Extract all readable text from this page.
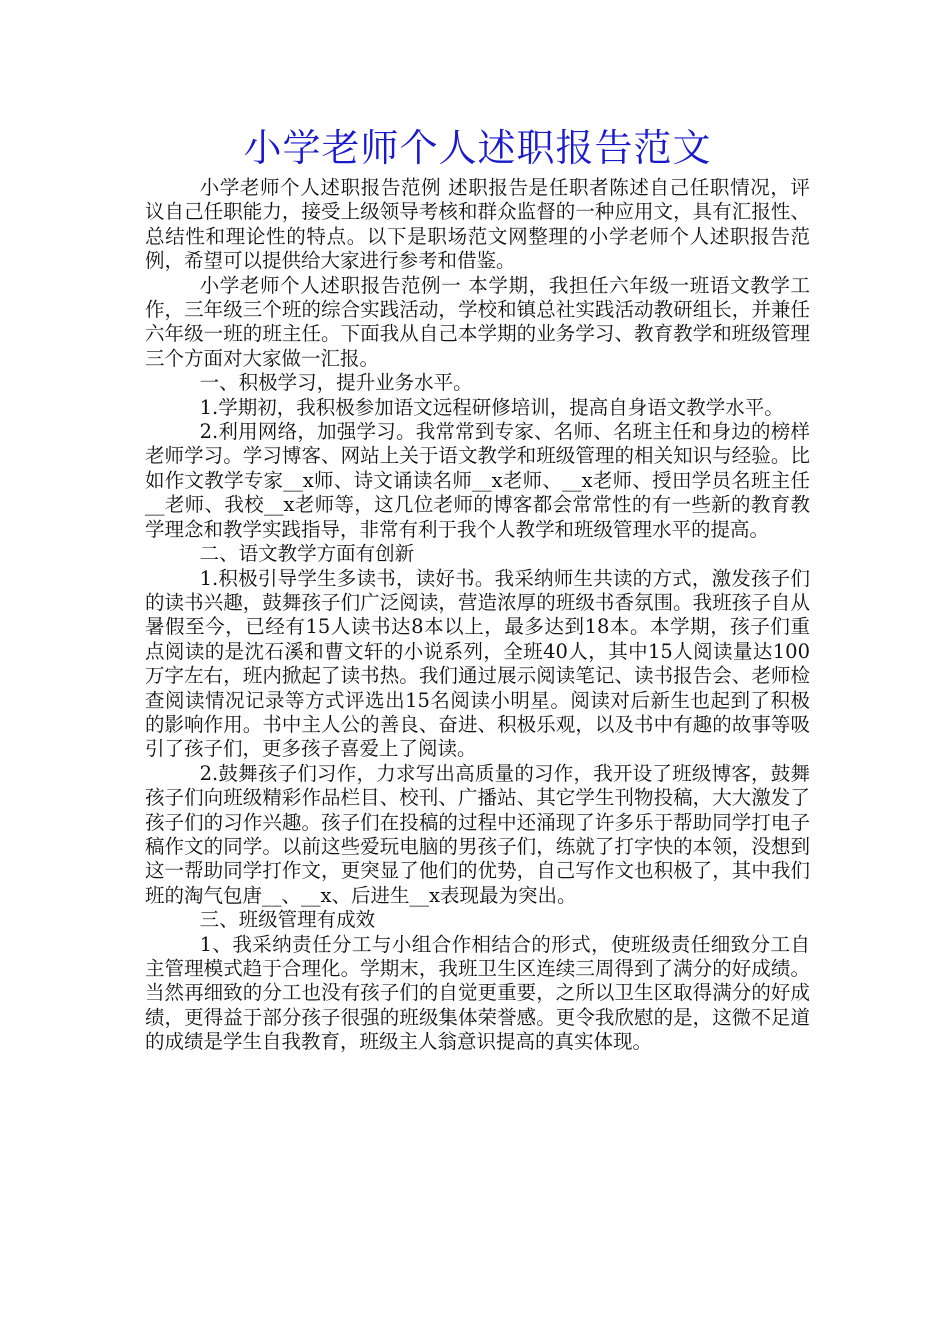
小学老师个人述职报告范文

小学老师个人述职报告范例 述职报告是任职者陈述自己任职情况，评议自己任职能力，接受上级领导考核和群众监督的一种应用文，具有汇报性、总结性和理论性的特点。以下是职场范文网整理的小学老师个人述职报告范例，希望可以提供给大家进行参考和借鉴。

小学老师个人述职报告范例一 本学期，我担任六年级一班语文教学工作，三年级三个班的综合实践活动，学校和镇总社实践活动教研组长，并兼任六年级一班的班主任。下面我从自己本学期的业务学习、教育教学和班级管理三个方面对大家做一汇报。

一、积极学习，提升业务水平。

1.学期初，我积极参加语文远程研修培训，提高自身语文教学水平。

2.利用网络，加强学习。我常常到专家、名师、名班主任和身边的榜样老师学习。学习博客、网站上关于语文教学和班级管理的相关知识与经验。比如作文教学专家__x师、诗文诵读名师__x老师、__x老师、授田学员名班主任__老师、我校__x老师等，这几位老师的博客都会常常性的有一些新的教育教学理念和教学实践指导，非常有利于我个人教学和班级管理水平的提高。

二、语文教学方面有创新

1.积极引导学生多读书，读好书。我采纳师生共读的方式，激发孩子们的读书兴趣，鼓舞孩子们广泛阅读，营造浓厚的班级书香氛围。我班孩子自从暑假至今，已经有15人读书达8本以上，最多达到18本。本学期，孩子们重点阅读的是沈石溪和曹文轩的小说系列，全班40人，其中15人阅读量达100万字左右，班内掀起了读书热。我们通过展示阅读笔记、读书报告会、老师检查阅读情况记录等方式评选出15名阅读小明星。阅读对后新生也起到了积极的影响作用。书中主人公的善良、奋进、积极乐观，以及书中有趣的故事等吸引了孩子们，更多孩子喜爱上了阅读。

2.鼓舞孩子们习作，力求写出高质量的习作，我开设了班级博客，鼓舞孩子们向班级精彩作品栏目、校刊、广播站、其它学生刊物投稿，大大激发了孩子们的习作兴趣。孩子们在投稿的过程中还涌现了许多乐于帮助同学打电子稿作文的同学。以前这些爱玩电脑的男孩子们，练就了打字快的本领，没想到这一帮助同学打作文，更突显了他们的优势，自己写作文也积极了，其中我们班的淘气包唐__、__x、后进生__x表现最为突出。

三、班级管理有成效

1、我采纳责任分工与小组合作相结合的形式，使班级责任细致分工自主管理模式趋于合理化。学期末，我班卫生区连续三周得到了满分的好成绩。当然再细致的分工也没有孩子们的自觉更重要，之所以卫生区取得满分的好成绩，更得益于部分孩子很强的班级集体荣誉感。更令我欣慰的是，这微不足道的成绩是学生自我教育，班级主人翁意识提高的真实体现。
